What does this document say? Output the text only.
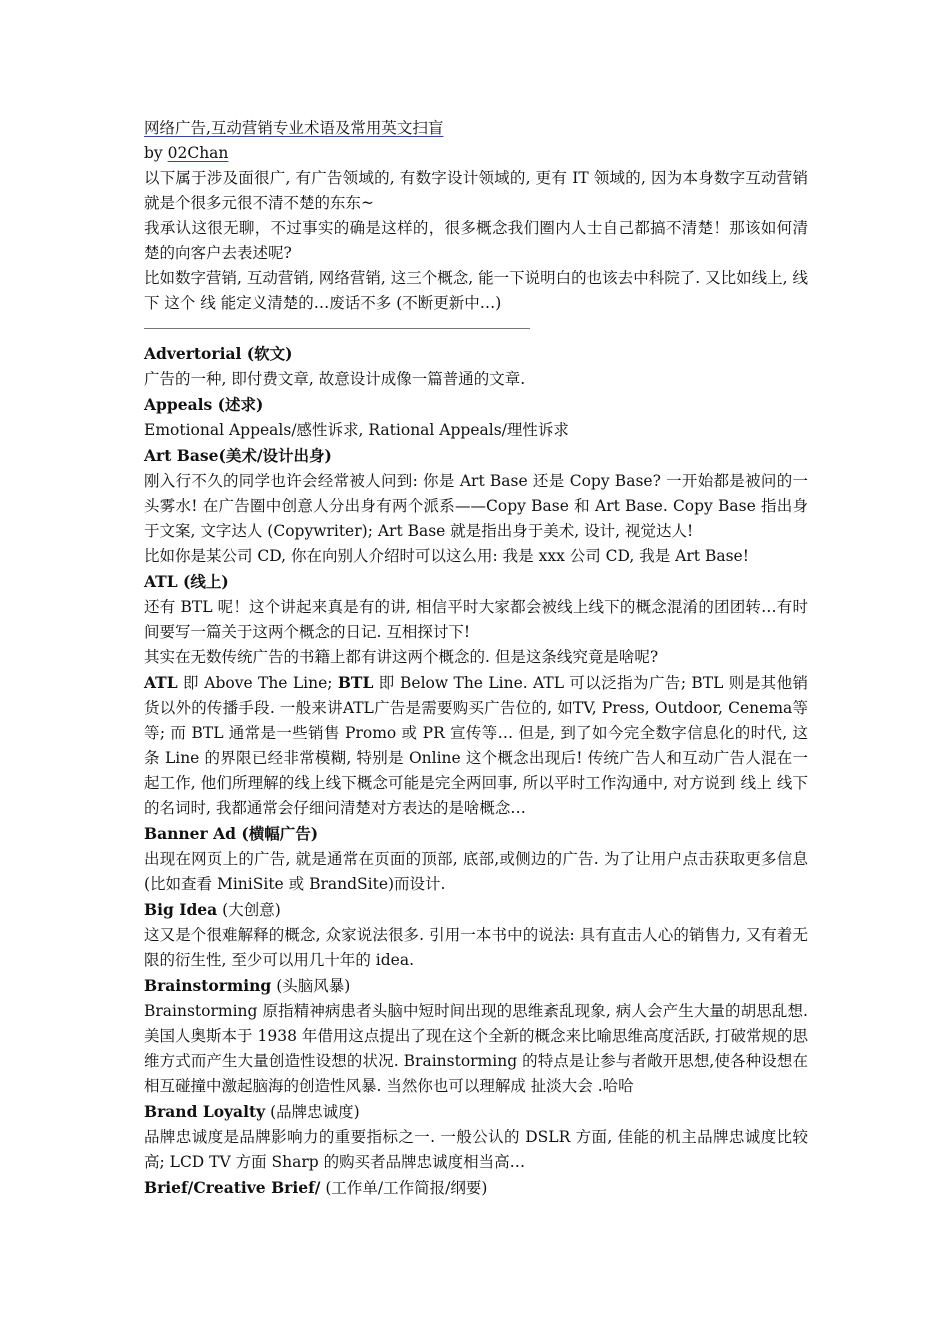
网络广告,互动营销专业术语及常用英文扫盲
by 02Chan
以下属于涉及面很广, 有广告领域的, 有数字设计领域的, 更有 IT 领域的, 因为本身数字互动营销就是个很多元很不清不楚的东东~
我承认这很无聊，不过事实的确是这样的，很多概念我们圈内人士自己都搞不清楚！那该如何清楚的向客户去表述呢?
比如数字营销, 互动营销, 网络营销, 这三个概念, 能一下说明白的也该去中科院了. 又比如线上, 线下 这个 线 能定义清楚的…废话不多 (不断更新中…)
Advertorial (软文)
广告的一种, 即付费文章, 故意设计成像一篇普通的文章.
Appeals (述求)
Emotional Appeals/感性诉求, Rational Appeals/理性诉求
Art Base(美术/设计出身)
刚入行不久的同学也许会经常被人问到: 你是 Art Base 还是 Copy Base? 一开始都是被问的一头雾水! 在广告圈中创意人分出身有两个派系——Copy Base 和 Art Base. Copy Base 指出身于文案, 文字达人 (Copywriter); Art Base 就是指出身于美术, 设计, 视觉达人!
比如你是某公司 CD, 你在向别人介绍时可以这么用: 我是 xxx 公司 CD, 我是 Art Base!
ATL (线上)
还有 BTL 呢！这个讲起来真是有的讲, 相信平时大家都会被线上线下的概念混淆的团团转…有时间要写一篇关于这两个概念的日记. 互相探讨下!
其实在无数传统广告的书籍上都有讲这两个概念的. 但是这条线究竟是啥呢?
ATL 即 Above The Line; BTL 即 Below The Line. ATL 可以泛指为广告; BTL 则是其他销货以外的传播手段. 一般来讲ATL广告是需要购买广告位的, 如TV, Press, Outdoor, Cenema等等; 而 BTL 通常是一些销售 Promo 或 PR 宣传等… 但是, 到了如今完全数字信息化的时代, 这条 Line 的界限已经非常模糊, 特别是 Online 这个概念出现后! 传统广告人和互动广告人混在一起工作, 他们所理解的线上线下概念可能是完全两回事, 所以平时工作沟通中, 对方说到 线上 线下 的名词时, 我都通常会仔细问清楚对方表达的是啥概念…
Banner Ad (横幅广告)
出现在网页上的广告, 就是通常在页面的顶部, 底部,或侧边的广告. 为了让用户点击获取更多信息(比如查看 MiniSite 或 BrandSite)而设计.
Big Idea (大创意)
这又是个很难解释的概念, 众家说法很多. 引用一本书中的说法: 具有直击人心的销售力, 又有着无限的衍生性, 至少可以用几十年的 idea.
Brainstorming (头脑风暴)
Brainstorming 原指精神病患者头脑中短时间出现的思维紊乱现象, 病人会产生大量的胡思乱想. 美国人奥斯本于 1938 年借用这点提出了现在这个全新的概念来比喻思维高度活跃, 打破常规的思维方式而产生大量创造性设想的状况. Brainstorming 的特点是让参与者敞开思想,使各种设想在相互碰撞中激起脑海的创造性风暴. 当然你也可以理解成 扯淡大会 .哈哈
Brand Loyalty (品牌忠诚度)
品牌忠诚度是品牌影响力的重要指标之一. 一般公认的 DSLR 方面, 佳能的机主品牌忠诚度比较高; LCD TV 方面 Sharp 的购买者品牌忠诚度相当高…
Brief/Creative Brief/ (工作单/工作简报/纲要)
